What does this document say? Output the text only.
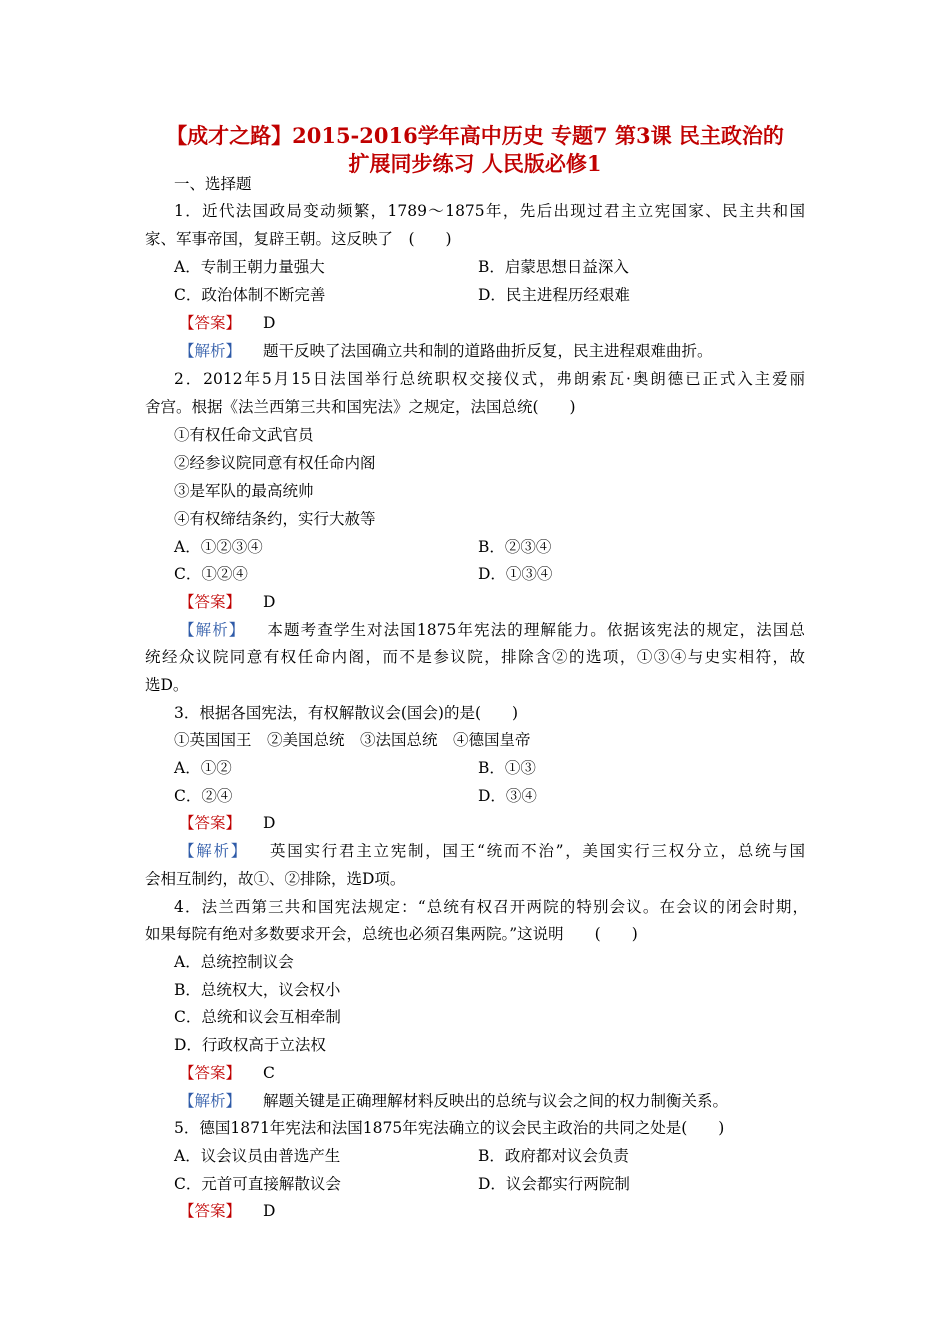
【成才之路】2015-2016学年高中历史 专题7 第3课 民主政治的
扩展同步练习 人民版必修1
一、选择题
1．近代法国政局变动频繁，1789～1875年，先后出现过君主立宪国家、民主共和国
家、军事帝国，复辟王朝。这反映了　(　　)
A．专制王朝力量强大	B．启蒙思想日益深入
C．政治体制不断完善	D．民主进程历经艰难
【答案】 D
【解析】 题干反映了法国确立共和制的道路曲折反复，民主进程艰难曲折。
2．2012年5月15日法国举行总统职权交接仪式，弗朗索瓦·奥朗德已正式入主爱丽
舍宫。根据《法兰西第三共和国宪法》之规定，法国总统(　　)
①有权任命文武官员
②经参议院同意有权任命内阁
③是军队的最高统帅
④有权缔结条约，实行大赦等
A．①②③④	B．②③④
C．①②④	D．①③④
【答案】 D
【解析】 本题考查学生对法国1875年宪法的理解能力。依据该宪法的规定，法国总
统经众议院同意有权任命内阁，而不是参议院，排除含②的选项，①③④与史实相符，故
选D。
3．根据各国宪法，有权解散议会(国会)的是(　　)
①英国国王　②美国总统　③法国总统　④德国皇帝
A．①②	B．①③
C．②④	D．③④
【答案】 D
【解析】 英国实行君主立宪制，国王“统而不治”，美国实行三权分立，总统与国
会相互制约，故①、②排除，选D项。
4．法兰西第三共和国宪法规定：“总统有权召开两院的特别会议。在会议的闭会时期，
如果每院有绝对多数要求开会，总统也必须召集两院。”这说明　　(　　)
A．总统控制议会
B．总统权大，议会权小
C．总统和议会互相牵制
D．行政权高于立法权
【答案】 C
【解析】 解题关键是正确理解材料反映出的总统与议会之间的权力制衡关系。
5．德国1871年宪法和法国1875年宪法确立的议会民主政治的共同之处是(　　)
A．议会议员由普选产生	B．政府都对议会负责
C．元首可直接解散议会	D．议会都实行两院制
【答案】 D
